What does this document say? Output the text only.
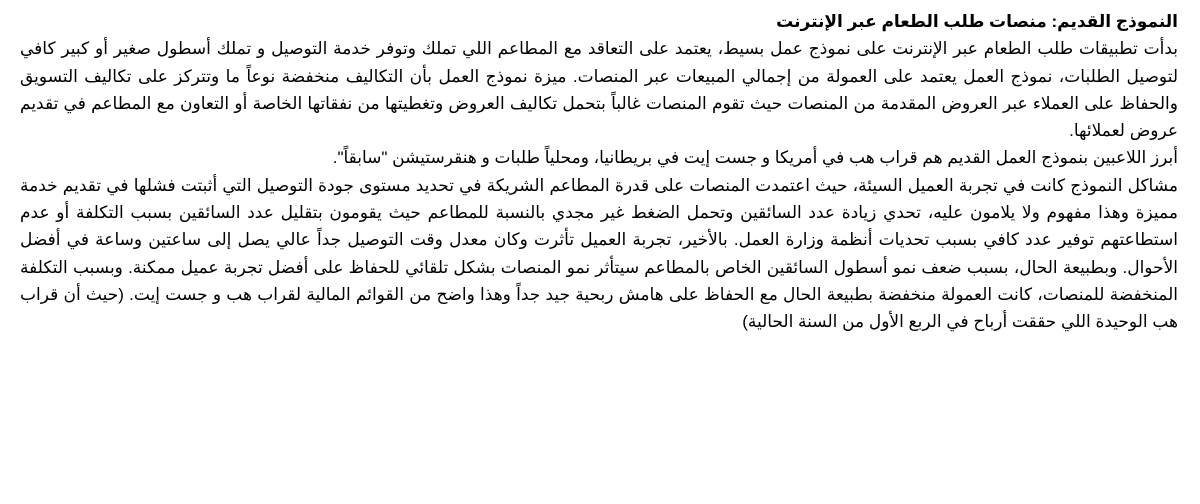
النموذج القديم: منصات طلب الطعام عبر الإنترنت

بدأت تطبيقات طلب الطعام عبر الإنترنت على نموذج عمل بسيط، يعتمد على التعاقد مع المطاعم اللي تملك وتوفر خدمة التوصيل و تملك أسطول صغير أو كبير كافي لتوصيل الطلبات، نموذج العمل يعتمد على العمولة من إجمالي المبيعات عبر المنصات. ميزة نموذج العمل بأن التكاليف منخفضة نوعاً ما وتتركز على تكاليف التسويق والحفاظ على العملاء عبر العروض المقدمة من المنصات حيث تقوم المنصات غالباً بتحمل تكاليف العروض وتغطيتها من نفقاتها الخاصة أو التعاون مع المطاعم في تقديم عروض لعملائها.

أبرز اللاعبين بنموذج العمل القديم هم قراب هب في أمريكا و جست إيت في بريطانيا، ومحلياً طلبات و هنقرستيشن "سابقاً".

مشاكل النموذج كانت في تجربة العميل السيئة، حيث اعتمدت المنصات على قدرة المطاعم الشريكة في تحديد مستوى جودة التوصيل التي أثبتت فشلها في تقديم خدمة مميزة وهذا مفهوم ولا يلامون عليه، تحدي زيادة عدد السائقين وتحمل الضغط غير مجدي بالنسبة للمطاعم حيث يقومون بتقليل عدد السائقين بسبب التكلفة أو عدم استطاعتهم توفير عدد كافي بسبب تحديات أنظمة وزارة العمل. بالأخير، تجربة العميل تأثرت وكان معدل وقت التوصيل جداً عالي يصل إلى ساعتين وساعة في أفضل الأحوال. وبطبيعة الحال، بسبب ضعف نمو أسطول السائقين الخاص بالمطاعم سيتأثر نمو المنصات بشكل تلقائي للحفاظ على أفضل تجربة عميل ممكنة. وبسبب التكلفة المنخفضة للمنصات، كانت العمولة منخفضة بطبيعة الحال مع الحفاظ على هامش ربحية جيد جداً وهذا واضح من القوائم المالية لقراب هب و جست إيت. (حيث أن قراب هب الوحيدة اللي حققت أرباح في الربع الأول من السنة الحالية)
